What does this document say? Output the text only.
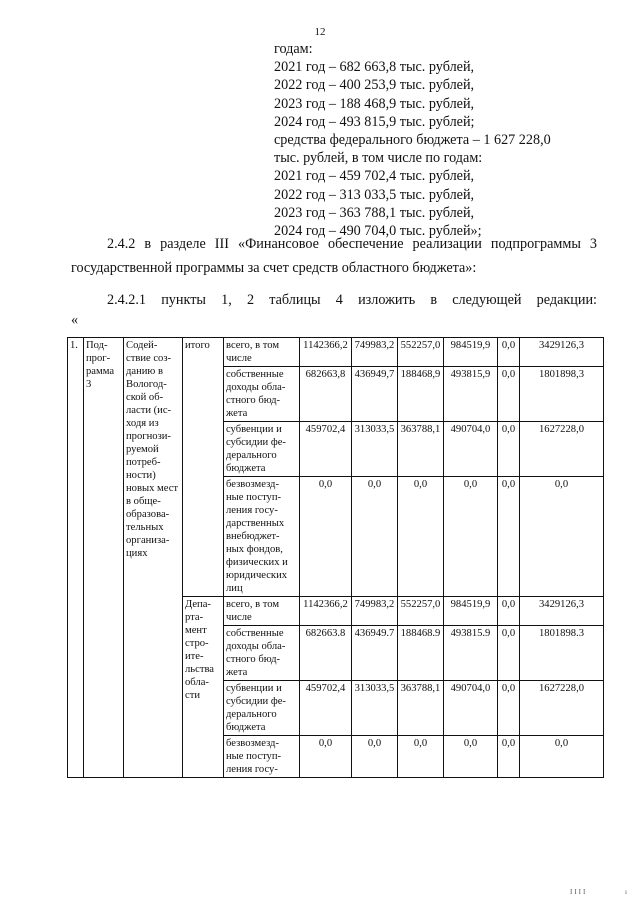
12
годам:
2021 год – 682 663,8 тыс. рублей,
2022 год – 400 253,9 тыс. рублей,
2023 год – 188 468,9 тыс. рублей,
2024 год – 493 815,9 тыс. рублей;
средства федерального бюджета – 1 627 228,0
тыс. рублей, в том числе по годам:
2021 год – 459 702,4 тыс. рублей,
2022 год – 313 033,5 тыс. рублей,
2023 год – 363 788,1 тыс. рублей,
2024 год – 490 704,0 тыс. рублей»;
2.4.2 в разделе III «Финансовое обеспечение реализации подпрограммы 3 государственной программы за счет средств областного бюджета»:
2.4.2.1 пункты 1, 2 таблицы 4 изложить в следующей редакции:
«
1.	Под- прог- рамма 3	Содей- ствие соз- данию в Вологод- ской об- ласти (ис- ходя из прогнози- руемой потреб- ности) новых мест в обще- образова- тельных организа- циях	итого	всего, в том числе	1142366,2	749983,2	552257,0	984519,9	0,0	3429126,3
				собственные доходы обла- стного бюд- жета	682663,8	436949,7	188468,9	493815,9	0,0	1801898,3
				субвенции и субсидии фе- дерального бюджета	459702,4	313033,5	363788,1	490704,0	0,0	1627228,0
				безвозмезд- ные поступ- ления госу- дарственных внебюджет- ных фондов, физических и юридических лиц	0,0	0,0	0,0	0,0	0,0	0,0
			Депа- рта- мент стро- ите- льства обла- сти	всего, в том числе	1142366,2	749983,2	552257,0	984519,9	0,0	3429126,3
				собственные доходы обла- стного бюд- жета	682663.8	436949.7	188468.9	493815.9	0,0	1801898.3
				субвенции и субсидии фе- дерального бюджета	459702,4	313033,5	363788,1	490704,0	0,0	1627228,0
				безвозмезд- ные поступ- ления госу-	0,0	0,0	0,0	0,0	0,0	0,0
ІІІІ	ı
